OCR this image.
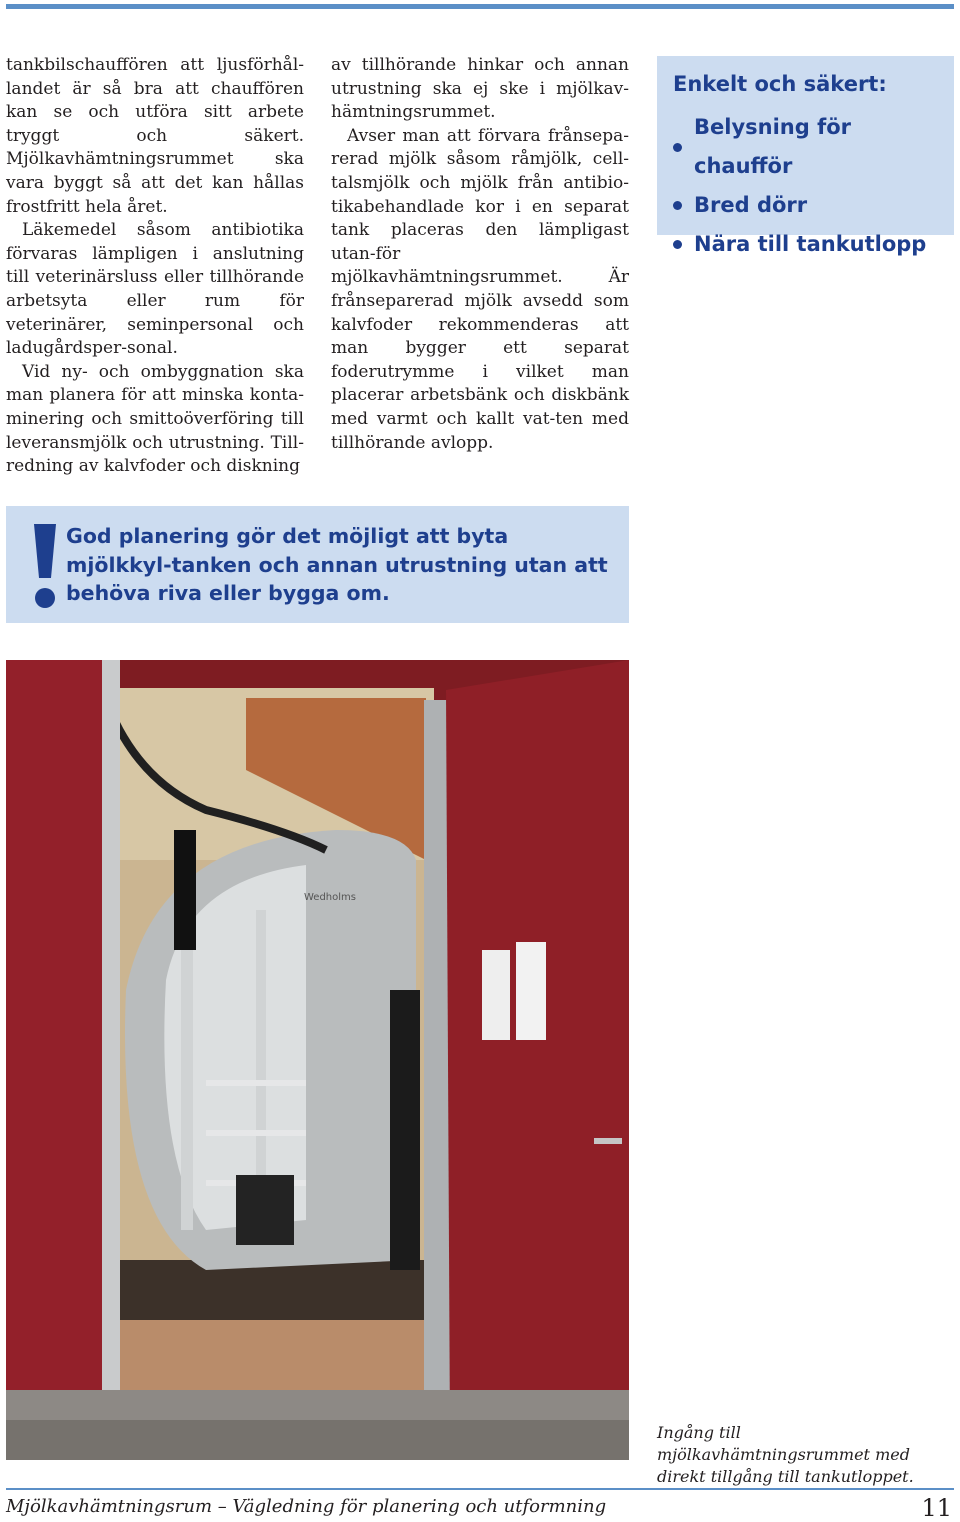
tankbilschauffören att ljusförhål-landet är så bra att chauffören kan se och utföra sitt arbete tryggt och säkert. Mjölkavhämtningsrummet ska vara byggt så att det kan hållas frostfritt hela året.

Läkemedel såsom antibiotika förvaras lämpligen i anslutning till veterinärsluss eller tillhörande arbetsyta eller rum för veterinärer, seminpersonal och ladugårdsper-sonal.

Vid ny- och ombyggnation ska man planera för att minska konta-minering och smittoöverföring till leveransmjölk och utrustning. Till-redning av kalvfoder och diskning

av tillhörande hinkar och annan utrustning ska ej ske i mjölkav-hämtningsrummet.

Avser man att förvara frånsepa-rerad mjölk såsom råmjölk, cell-talsmjölk och mjölk från antibio-tikabehandlade kor i en separat tank placeras den lämpligast utan-för mjölkavhämtningsrummet. Är frånseparerad mjölk avsedd som kalvfoder rekommenderas att man bygger ett separat foderutrymme i vilket man placerar arbetsbänk och diskbänk med varmt och kallt vat-ten med tillhörande avlopp.

Enkelt och säkert:
Belysning för chaufför
Bred dörr
Nära till tankutlopp
God planering gör det möjligt att byta mjölkkyl-tanken och annan utrustning utan att behöva riva eller bygga om.
Wedholms
Ingång till mjölkavhämtningsrummet med direkt tillgång till tankutloppet.
Mjölkavhämtningsrum – Vägledning för planering och utformning	11
